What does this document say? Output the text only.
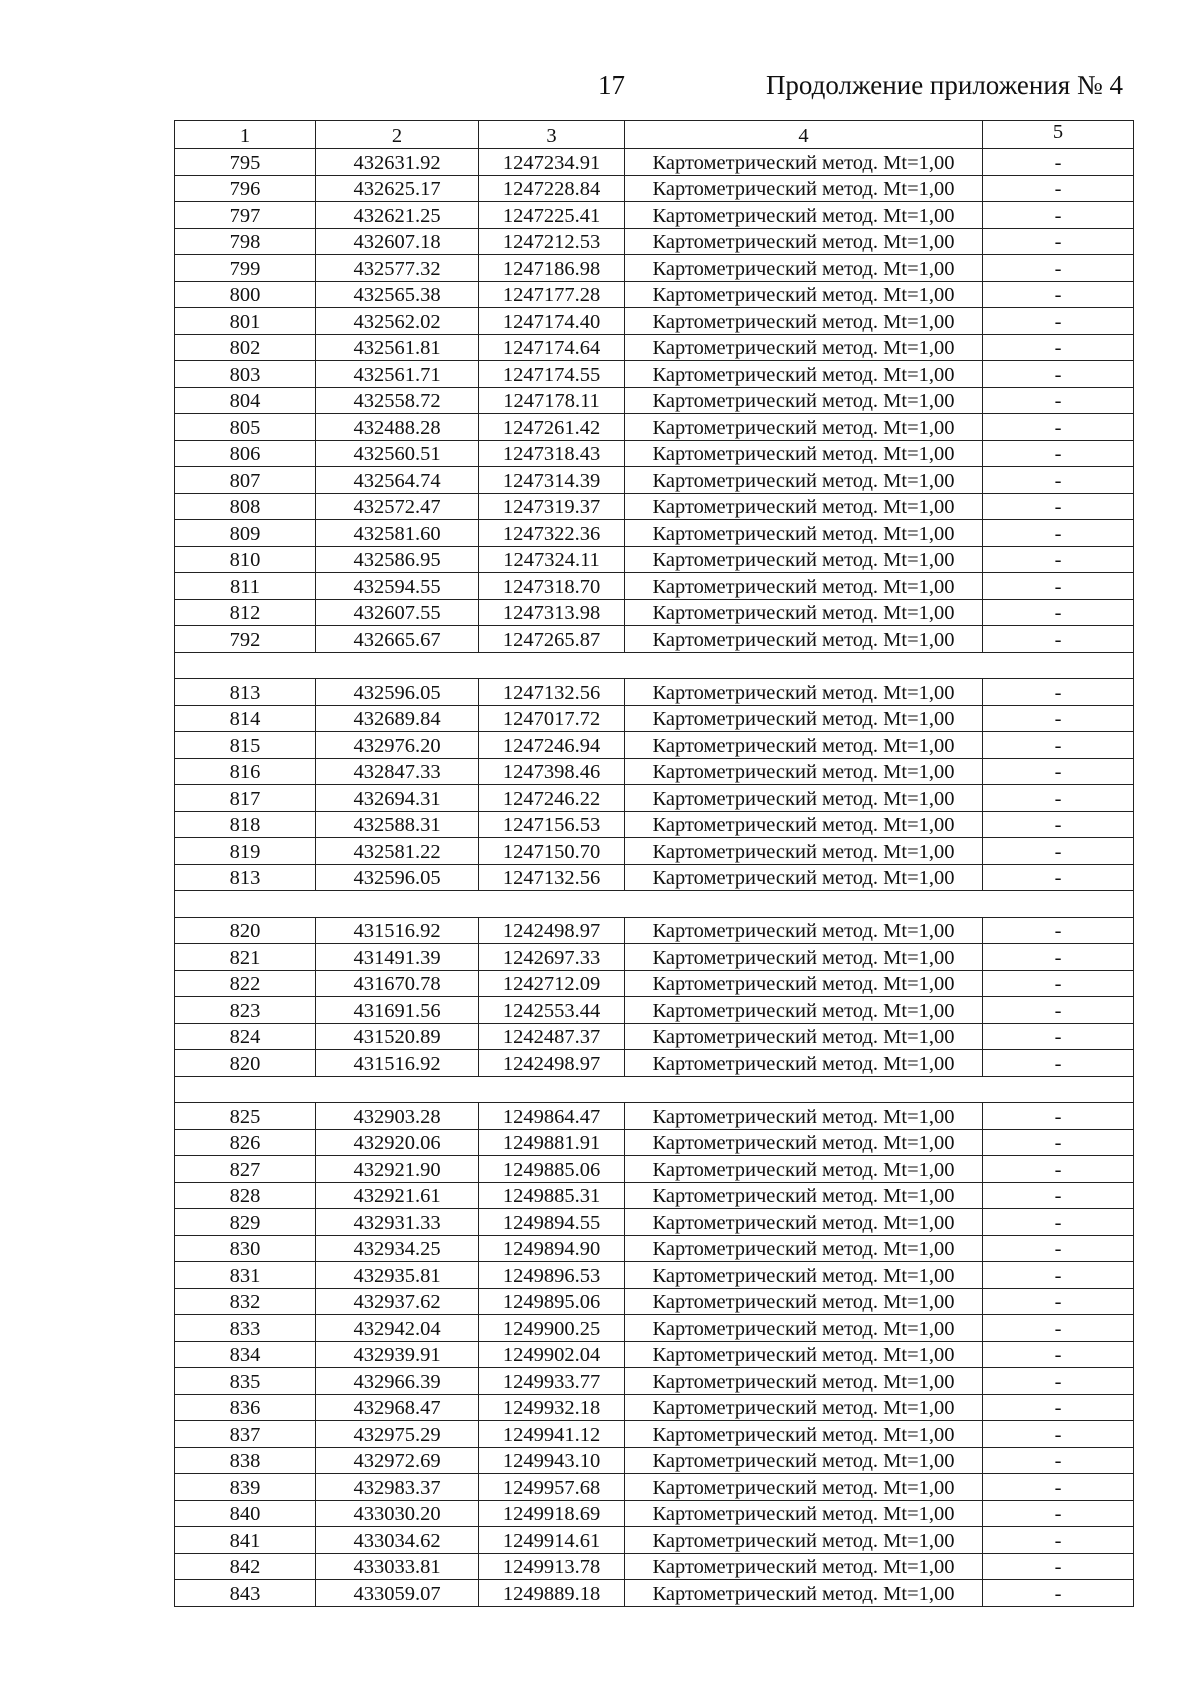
17	Продолжение приложения № 4
1	2	3	4	5
795	432631.92	1247234.91	Картометрический метод. Mt=1,00	-
796	432625.17	1247228.84	Картометрический метод. Mt=1,00	-
797	432621.25	1247225.41	Картометрический метод. Mt=1,00	-
798	432607.18	1247212.53	Картометрический метод. Mt=1,00	-
799	432577.32	1247186.98	Картометрический метод. Mt=1,00	-
800	432565.38	1247177.28	Картометрический метод. Mt=1,00	-
801	432562.02	1247174.40	Картометрический метод. Mt=1,00	-
802	432561.81	1247174.64	Картометрический метод. Mt=1,00	-
803	432561.71	1247174.55	Картометрический метод. Mt=1,00	-
804	432558.72	1247178.11	Картометрический метод. Mt=1,00	-
805	432488.28	1247261.42	Картометрический метод. Mt=1,00	-
806	432560.51	1247318.43	Картометрический метод. Mt=1,00	-
807	432564.74	1247314.39	Картометрический метод. Mt=1,00	-
808	432572.47	1247319.37	Картометрический метод. Mt=1,00	-
809	432581.60	1247322.36	Картометрический метод. Mt=1,00	-
810	432586.95	1247324.11	Картометрический метод. Mt=1,00	-
811	432594.55	1247318.70	Картометрический метод. Mt=1,00	-
812	432607.55	1247313.98	Картометрический метод. Mt=1,00	-
792	432665.67	1247265.87	Картометрический метод. Mt=1,00	-

813	432596.05	1247132.56	Картометрический метод. Mt=1,00	-
814	432689.84	1247017.72	Картометрический метод. Mt=1,00	-
815	432976.20	1247246.94	Картометрический метод. Mt=1,00	-
816	432847.33	1247398.46	Картометрический метод. Mt=1,00	-
817	432694.31	1247246.22	Картометрический метод. Mt=1,00	-
818	432588.31	1247156.53	Картометрический метод. Mt=1,00	-
819	432581.22	1247150.70	Картометрический метод. Mt=1,00	-
813	432596.05	1247132.56	Картометрический метод. Mt=1,00	-

820	431516.92	1242498.97	Картометрический метод. Mt=1,00	-
821	431491.39	1242697.33	Картометрический метод. Mt=1,00	-
822	431670.78	1242712.09	Картометрический метод. Mt=1,00	-
823	431691.56	1242553.44	Картометрический метод. Mt=1,00	-
824	431520.89	1242487.37	Картометрический метод. Mt=1,00	-
820	431516.92	1242498.97	Картометрический метод. Mt=1,00	-

825	432903.28	1249864.47	Картометрический метод. Mt=1,00	-
826	432920.06	1249881.91	Картометрический метод. Mt=1,00	-
827	432921.90	1249885.06	Картометрический метод. Mt=1,00	-
828	432921.61	1249885.31	Картометрический метод. Mt=1,00	-
829	432931.33	1249894.55	Картометрический метод. Mt=1,00	-
830	432934.25	1249894.90	Картометрический метод. Mt=1,00	-
831	432935.81	1249896.53	Картометрический метод. Mt=1,00	-
832	432937.62	1249895.06	Картометрический метод. Mt=1,00	-
833	432942.04	1249900.25	Картометрический метод. Mt=1,00	-
834	432939.91	1249902.04	Картометрический метод. Mt=1,00	-
835	432966.39	1249933.77	Картометрический метод. Mt=1,00	-
836	432968.47	1249932.18	Картометрический метод. Mt=1,00	-
837	432975.29	1249941.12	Картометрический метод. Mt=1,00	-
838	432972.69	1249943.10	Картометрический метод. Mt=1,00	-
839	432983.37	1249957.68	Картометрический метод. Mt=1,00	-
840	433030.20	1249918.69	Картометрический метод. Mt=1,00	-
841	433034.62	1249914.61	Картометрический метод. Mt=1,00	-
842	433033.81	1249913.78	Картометрический метод. Mt=1,00	-
843	433059.07	1249889.18	Картометрический метод. Mt=1,00	-
